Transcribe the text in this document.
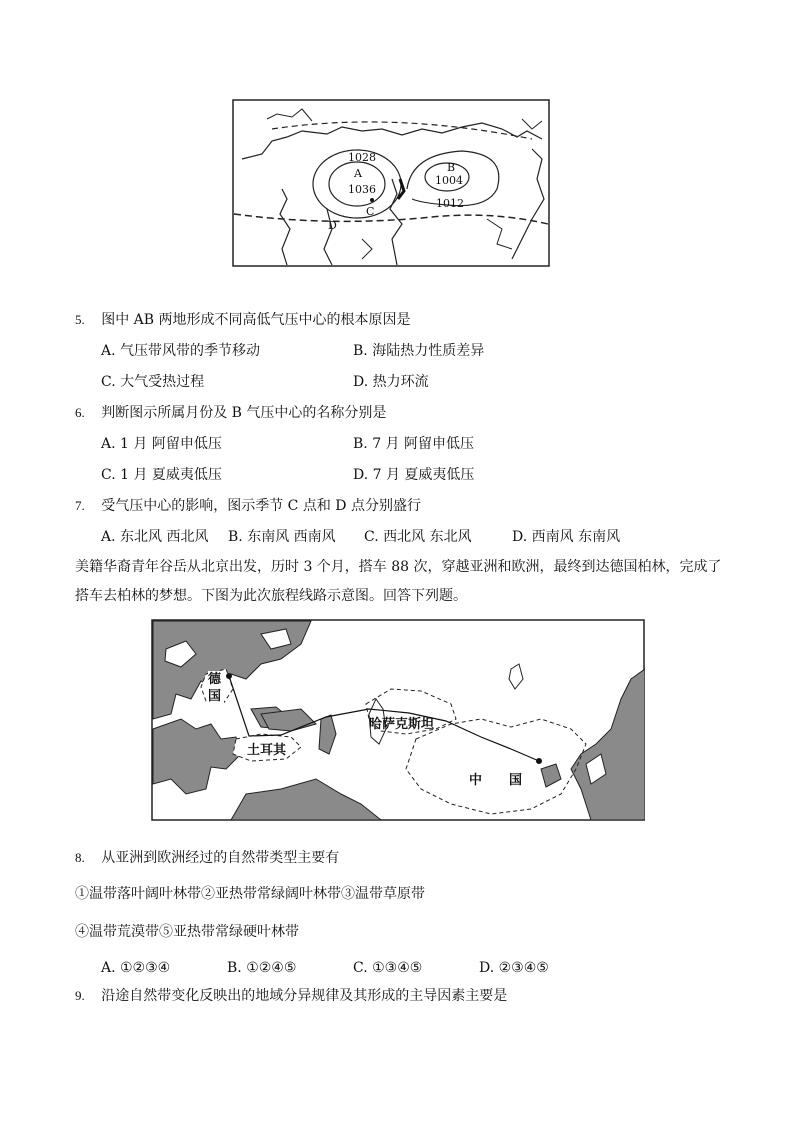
1028
A
1036
B
1004
1012
C
D
5. 图中 AB 两地形成不同高低气压中心的根本原因是
A. 气压带风带的季节移动	B. 海陆热力性质差异
C. 大气受热过程	D. 热力环流
6. 判断图示所属月份及 B 气压中心的名称分别是
A. 1 月 阿留申低压	B. 7 月 阿留申低压
C. 1 月 夏威夷低压	D. 7 月 夏威夷低压
7. 受气压中心的影响，图示季节 C 点和 D 点分别盛行
A. 东北风 西北风 B. 东南风 西南风 C. 西北风 东北风	D. 西南风 东南风
美籍华裔青年谷岳从北京出发，历时 3 个月，搭车 88 次，穿越亚洲和欧洲，最终到达德国柏林，完成了搭车去柏林的梦想。下图为此次旅程线路示意图。回答下列题。
德
国
土耳其
哈萨克斯坦
中 国
8. 从亚洲到欧洲经过的自然带类型主要有
①温带落叶阔叶林带②亚热带常绿阔叶林带③温带草原带
④温带荒漠带⑤亚热带常绿硬叶林带
A. ①②③④	B. ①②④⑤	C. ①③④⑤	D. ②③④⑤
9. 沿途自然带变化反映出的地域分异规律及其形成的主导因素主要是
